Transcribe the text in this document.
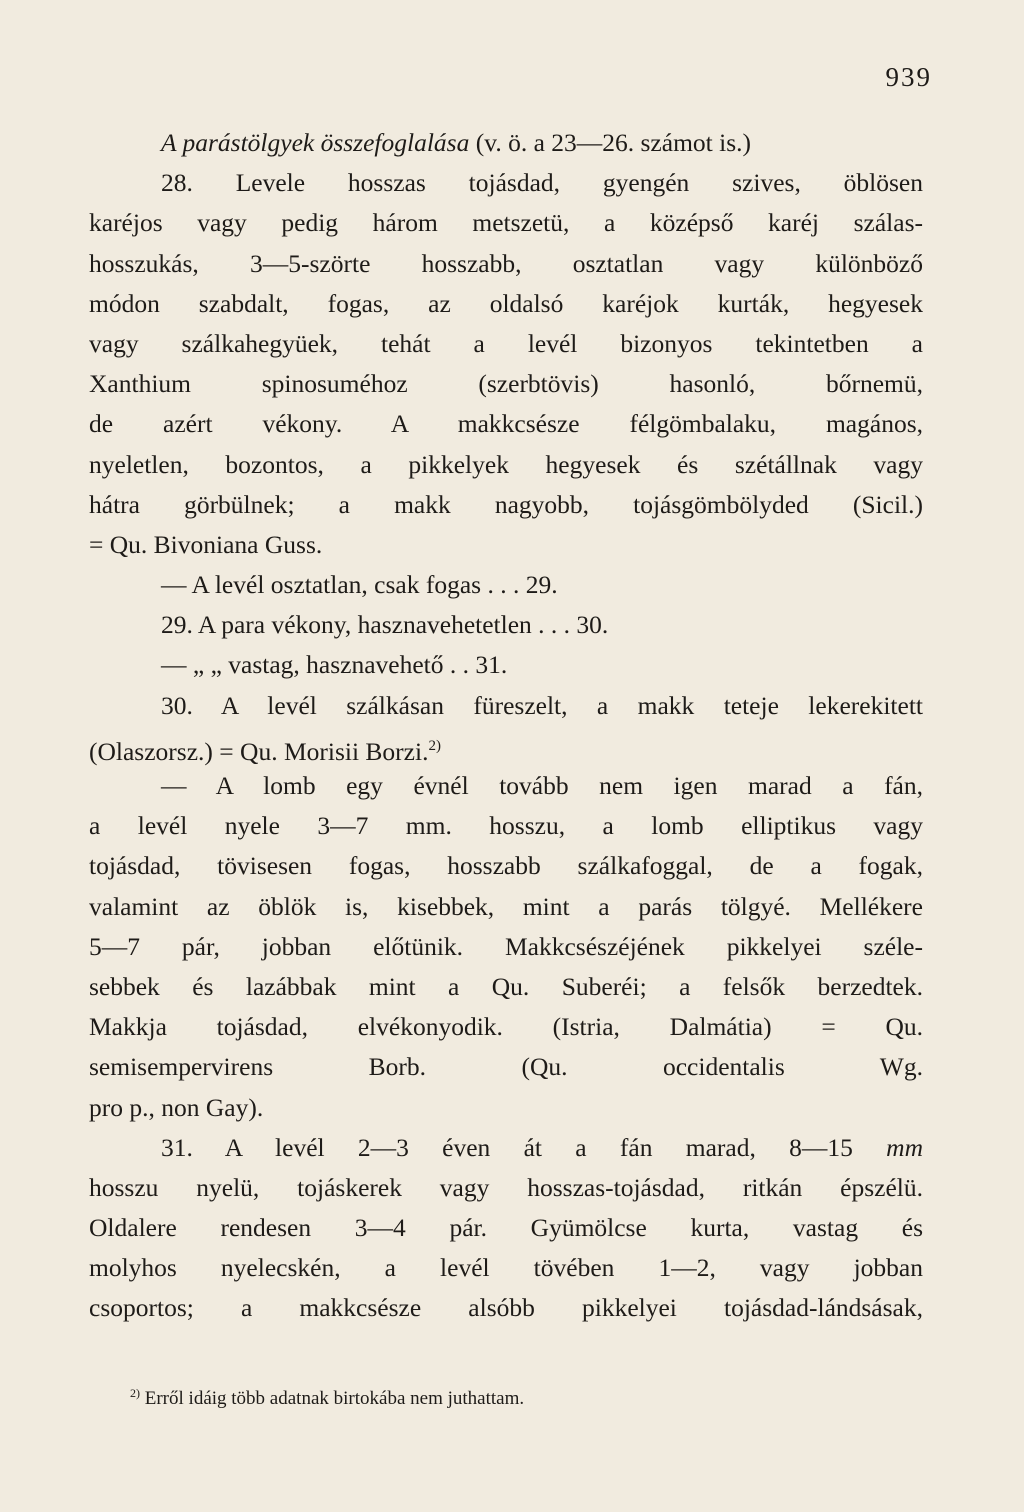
939
A parástölgyek összefoglalása (v. ö. a 23—26. számot is.)
28. Levele hosszas tojásdad, gyengén szives, öblösen
karéjos vagy pedig három metszetü, a középső karéj szálas-
hosszukás, 3—5-szörte hosszabb, osztatlan vagy különböző
módon szabdalt, fogas, az oldalsó karéjok kurták, hegyesek
vagy szálkahegyüek, tehát a levél bizonyos tekintetben a
Xanthium spinosuméhoz (szerbtövis) hasonló, bőrnemü,
de azért vékony. A makkcsésze félgömbalaku, magános,
nyeletlen, bozontos, a pikkelyek hegyesek és szétállnak vagy
hátra görbülnek; a makk nagyobb, tojásgömbölyded (Sicil.)
= Qu. Bivoniana Guss.
— A levél osztatlan, csak fogas . . . 29.
29. A para vékony, hasznavehetetlen . . . 30.
— „ „ vastag, hasznavehető . . 31.
30. A levél szálkásan füreszelt, a makk teteje lekerekitett
(Olaszorsz.) = Qu. Morisii Borzi.$^{2)}$
— A lomb egy évnél tovább nem igen marad a fán,
a levél nyele 3—7 mm. hosszu, a lomb elliptikus vagy
tojásdad, tövisesen fogas, hosszabb szálkafoggal, de a fogak,
valamint az öblök is, kisebbek, mint a parás tölgyé. Mellékere
5—7 pár, jobban előtünik. Makkcsészéjének pikkelyei széle-
sebbek és lazábbak mint a Qu. Suberéi; a felsők berzedtek.
Makkja tojásdad, elvékonyodik. (Istria, Dalmátia) = Qu.
semisempervirens Borb. (Qu. occidentalis Wg.
pro p., non Gay).
31. A levél 2—3 éven át a fán marad, 8—15 mm
hosszu nyelü, tojáskerek vagy hosszas-tojásdad, ritkán épszélü.
Oldalere rendesen 3—4 pár. Gyümölcse kurta, vastag és
molyhos nyelecskén, a levél tövében 1—2, vagy jobban
csoportos; a makkcsésze alsóbb pikkelyei tojásdad-lándsásak,
$^{2)}$ Erről idáig több adatnak birtokába nem juthattam.
